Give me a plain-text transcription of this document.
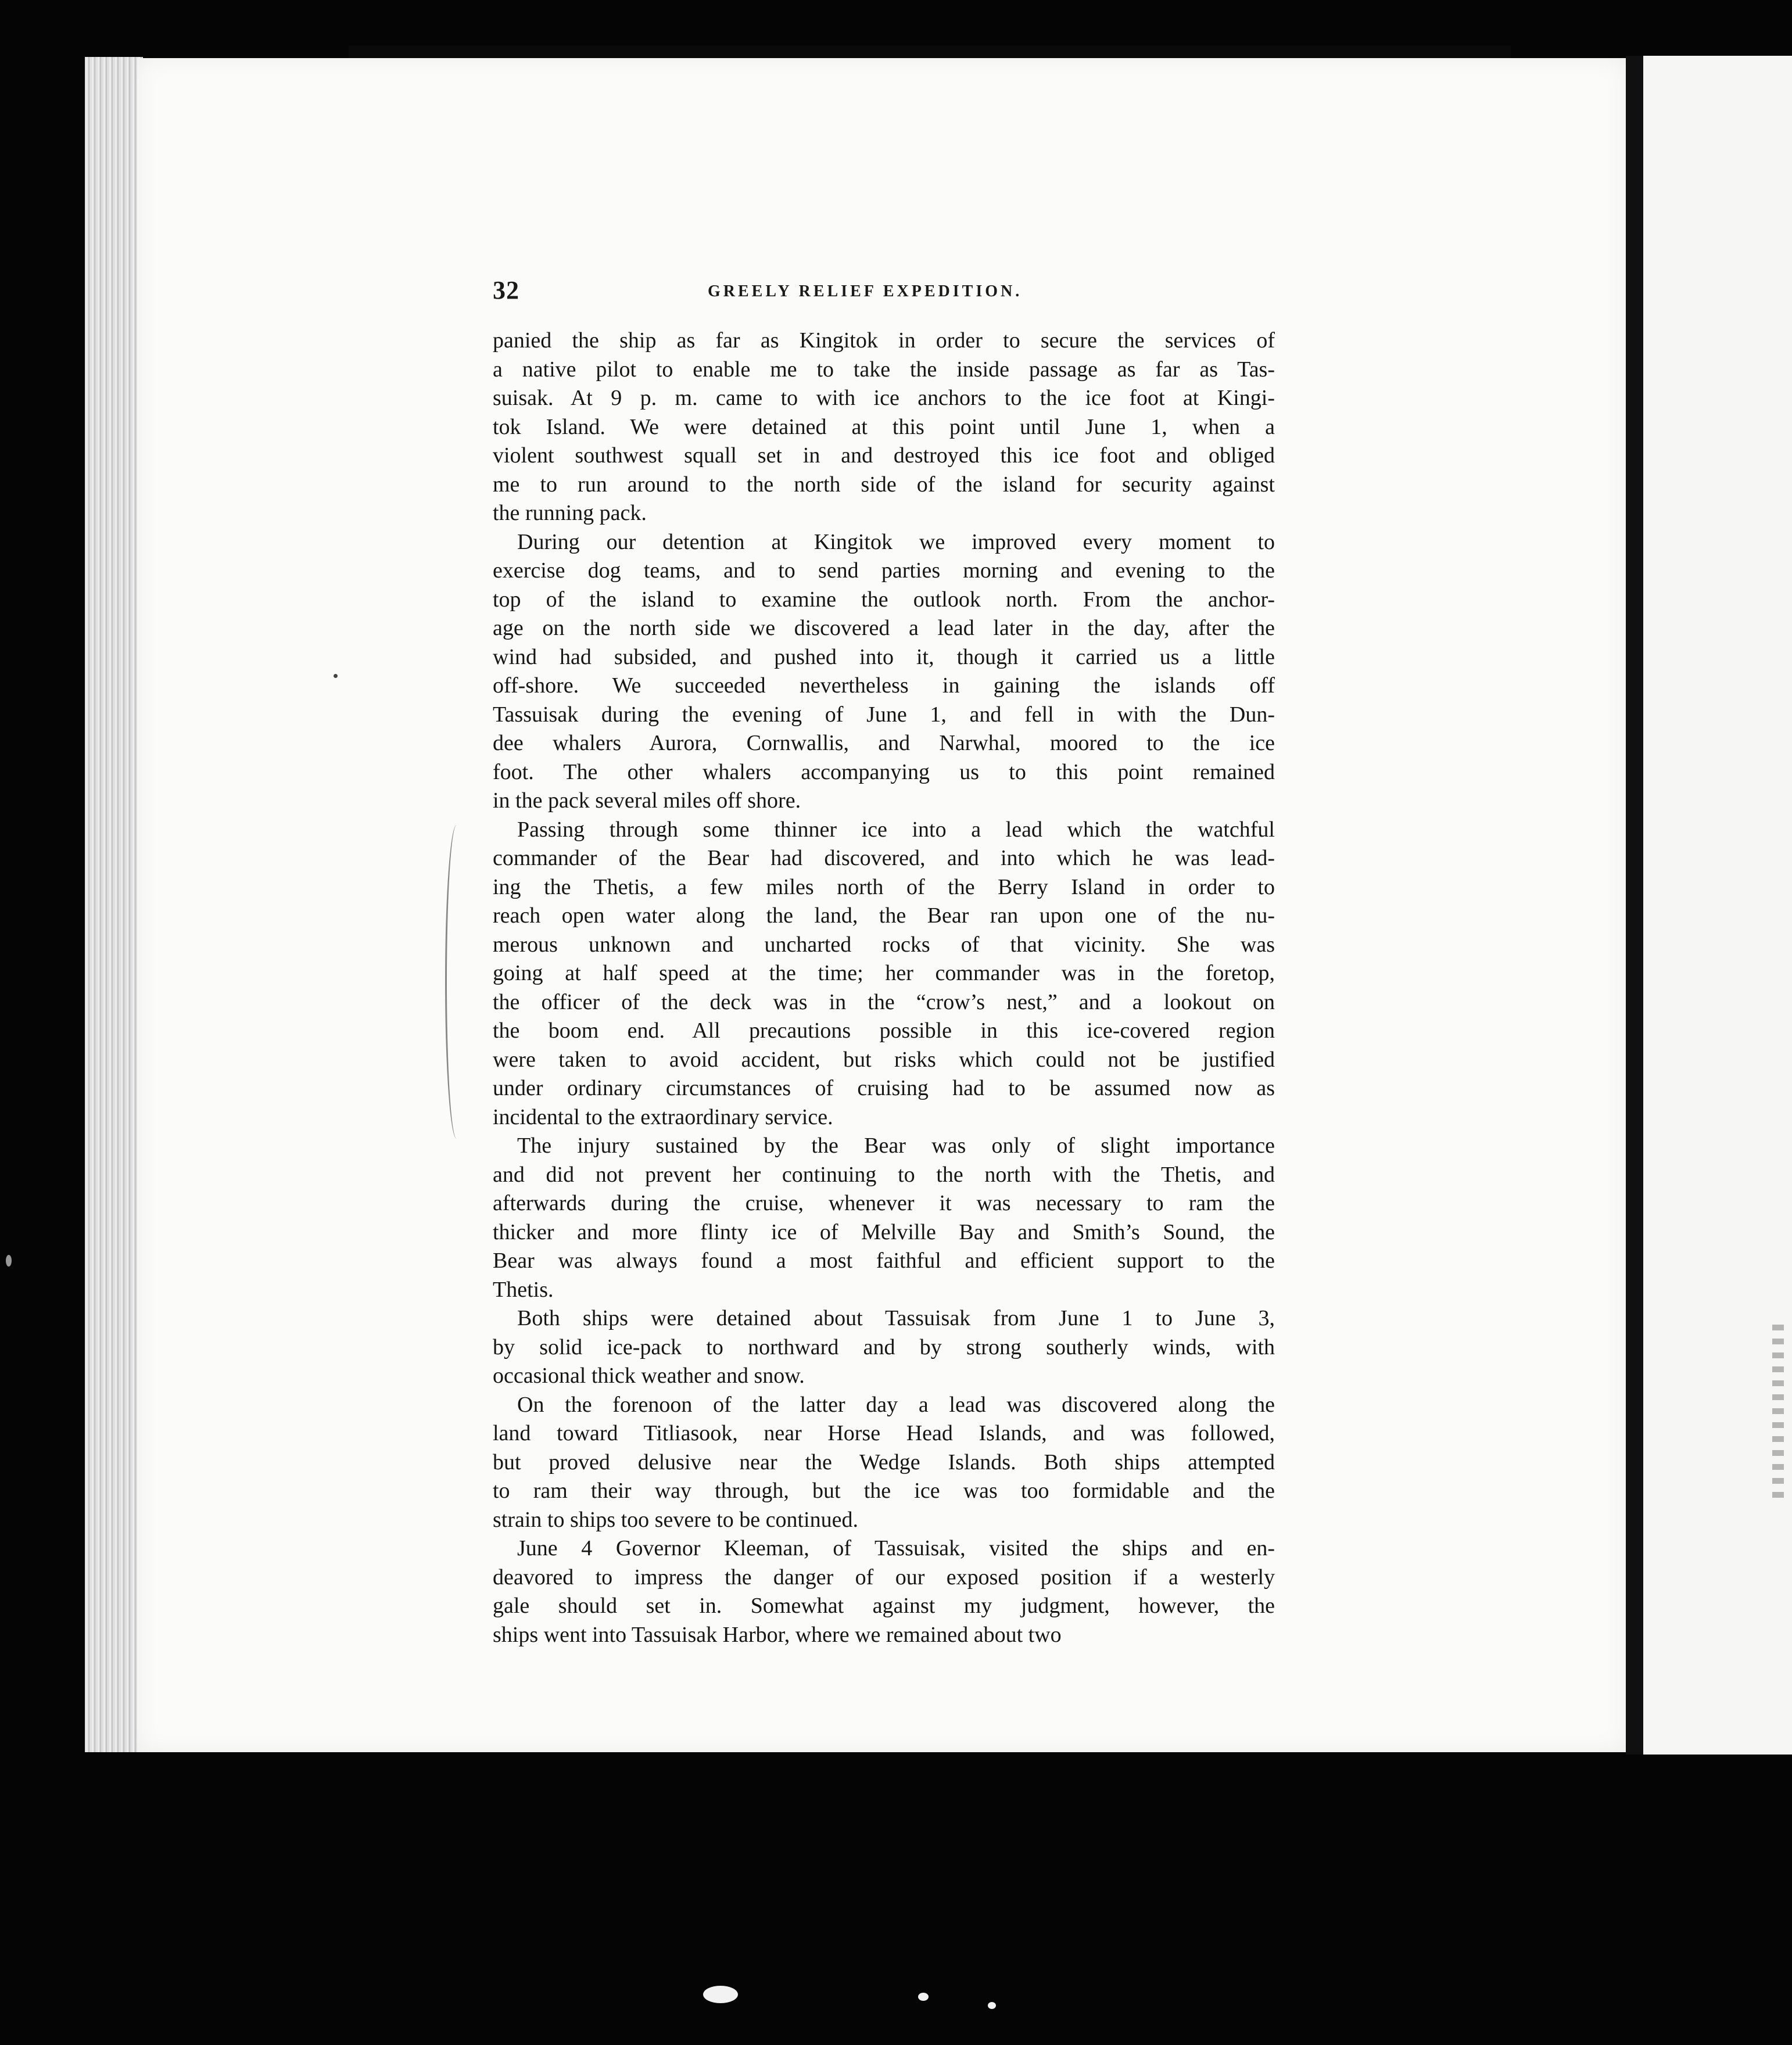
32	GREELY RELIEF EXPEDITION.
panied the ship as far as Kingitok in order to secure the services of
a native pilot to enable me to take the inside passage as far as Tas-
suisak. At 9 p. m. came to with ice anchors to the ice foot at Kingi-
tok Island. We were detained at this point until June 1, when a
violent southwest squall set in and destroyed this ice foot and obliged
me to run around to the north side of the island for security against
the running pack.
During our detention at Kingitok we improved every moment to
exercise dog teams, and to send parties morning and evening to the
top of the island to examine the outlook north. From the anchor-
age on the north side we discovered a lead later in the day, after the
wind had subsided, and pushed into it, though it carried us a little
off-shore. We succeeded nevertheless in gaining the islands off
Tassuisak during the evening of June 1, and fell in with the Dun-
dee whalers Aurora, Cornwallis, and Narwhal, moored to the ice
foot. The other whalers accompanying us to this point remained
in the pack several miles off shore.
Passing through some thinner ice into a lead which the watchful
commander of the Bear had discovered, and into which he was lead-
ing the Thetis, a few miles north of the Berry Island in order to
reach open water along the land, the Bear ran upon one of the nu-
merous unknown and uncharted rocks of that vicinity. She was
going at half speed at the time; her commander was in the foretop,
the officer of the deck was in the “crow’s nest,” and a lookout on
the boom end. All precautions possible in this ice-covered region
were taken to avoid accident, but risks which could not be justified
under ordinary circumstances of cruising had to be assumed now as
incidental to the extraordinary service.
The injury sustained by the Bear was only of slight importance
and did not prevent her continuing to the north with the Thetis, and
afterwards during the cruise, whenever it was necessary to ram the
thicker and more flinty ice of Melville Bay and Smith’s Sound, the
Bear was always found a most faithful and efficient support to the
Thetis.
Both ships were detained about Tassuisak from June 1 to June 3,
by solid ice-pack to northward and by strong southerly winds, with
occasional thick weather and snow.
On the forenoon of the latter day a lead was discovered along the
land toward Titliasook, near Horse Head Islands, and was followed,
but proved delusive near the Wedge Islands. Both ships attempted
to ram their way through, but the ice was too formidable and the
strain to ships too severe to be continued.
June 4 Governor Kleeman, of Tassuisak, visited the ships and en-
deavored to impress the danger of our exposed position if a westerly
gale should set in. Somewhat against my judgment, however, the
ships went into Tassuisak Harbor, where we remained about two
